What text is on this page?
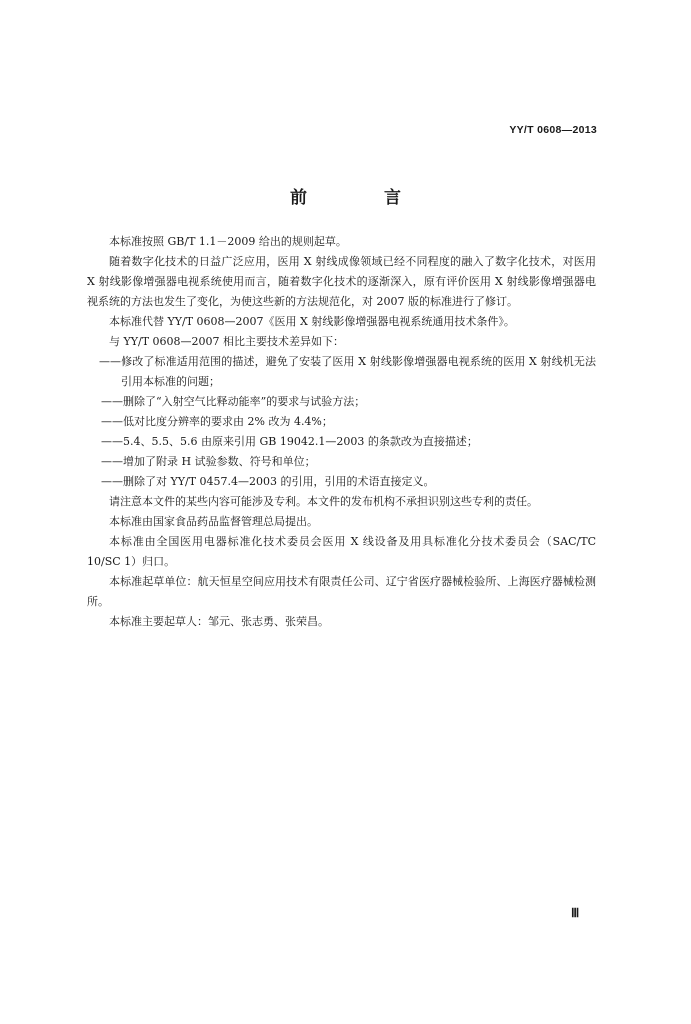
YY/T 0608—2013
前　言

本标准按照 GB/T 1.1－2009 给出的规则起草。

随着数字化技术的日益广泛应用，医用 X 射线成像领域已经不同程度的融入了数字化技术，对医用 X 射线影像增强器电视系统使用而言，随着数字化技术的逐渐深入，原有评价医用 X 射线影像增强器电视系统的方法也发生了变化，为使这些新的方法规范化，对 2007 版的标准进行了修订。

本标准代替 YY/T 0608—2007《医用 X 射线影像增强器电视系统通用技术条件》。

与 YY/T 0608—2007 相比主要技术差异如下：

——修改了标准适用范围的描述，避免了安装了医用 X 射线影像增强器电视系统的医用 X 射线机无法引用本标准的问题；

——删除了“入射空气比释动能率”的要求与试验方法；

——低对比度分辨率的要求由 2% 改为 4.4%；

——5.4、5.5、5.6 由原来引用 GB 19042.1—2003 的条款改为直接描述；

——增加了附录 H 试验参数、符号和单位；

——删除了对 YY/T 0457.4—2003 的引用，引用的术语直接定义。

请注意本文件的某些内容可能涉及专利。本文件的发布机构不承担识别这些专利的责任。

本标准由国家食品药品监督管理总局提出。

本标准由全国医用电器标准化技术委员会医用 X 线设备及用具标准化分技术委员会（SAC/TC 10/SC 1）归口。

本标准起草单位：航天恒星空间应用技术有限责任公司、辽宁省医疗器械检验所、上海医疗器械检测所。

本标准主要起草人：邹元、张志勇、张荣昌。

Ⅲ
